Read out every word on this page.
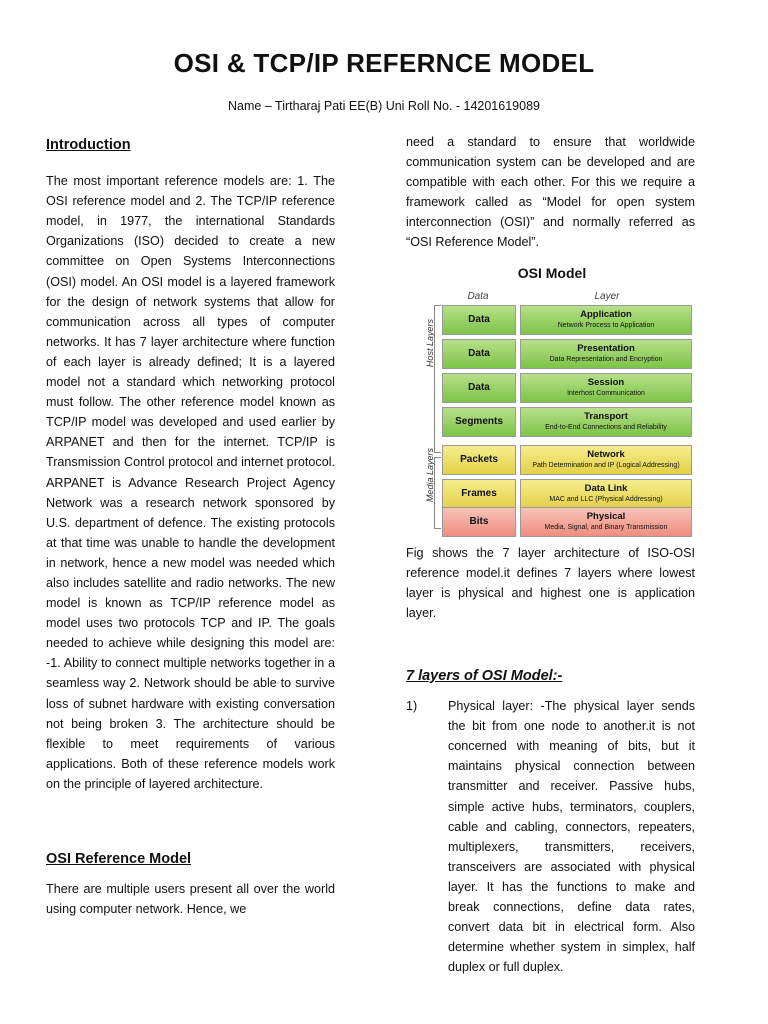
OSI & TCP/IP REFERNCE MODEL
Name – Tirtharaj Pati EE(B) Uni Roll No. - 14201619089
Introduction

The most important reference models are: 1. The OSI reference model and 2. The TCP/IP reference model, in 1977, the international Standards Organizations (ISO) decided to create a new committee on Open Systems Interconnections (OSI) model. An OSI model is a layered framework for the design of network systems that allow for communication across all types of computer networks. It has 7 layer architecture where function of each layer is already defined; It is a layered model not a standard which networking protocol must follow. The other reference model known as TCP/IP model was developed and used earlier by ARPANET and then for the internet. TCP/IP is Transmission Control protocol and internet protocol. ARPANET is Advance Research Project Agency Network was a research network sponsored by U.S. department of defence. The existing protocols at that time was unable to handle the development in network, hence a new model was needed which also includes satellite and radio networks. The new model is known as TCP/IP reference model as model uses two protocols TCP and IP. The goals needed to achieve while designing this model are: -1. Ability to connect multiple networks together in a seamless way 2. Network should be able to survive loss of subnet hardware with existing conversation not being broken 3. The architecture should be flexible to meet requirements of various applications. Both of these reference models work on the principle of layered architecture.

OSI Reference Model

There are multiple users present all over the world using computer network. Hence, we

need a standard to ensure that worldwide communication system can be developed and are compatible with each other. For this we require a framework called as “Model for open system interconnection (OSI)” and normally referred as “OSI Reference Model”.

OSI Model
Data	Layer
Host Layers
Media Layers
Data	Application
Network Process to Application
Data	Presentation
Data Representation and Encryption
Data	Session
Interhost Communication
Segments	Transport
End-to-End Connections and Reliability
Packets	Network
Path Determination and IP (Logical Addressing)
Frames	Data Link
MAC and LLC (Physical Addressing)
Bits	Physical
Media, Signal, and Binary Transmission

Fig shows the 7 layer architecture of ISO-OSI reference model.it defines 7 layers where lowest layer is physical and highest one is application layer.

7 layers of OSI Model:-
1)	Physical layer: -The physical layer sends the bit from one node to another.it is not concerned with meaning of bits, but it maintains physical connection between transmitter and receiver. Passive hubs, simple active hubs, terminators, couplers, cable and cabling, connectors, repeaters, multiplexers, transmitters, receivers, transceivers are associated with physical layer. It has the functions to make and break connections, define data rates, convert data bit in electrical form. Also determine whether system in simplex, half duplex or full duplex.
